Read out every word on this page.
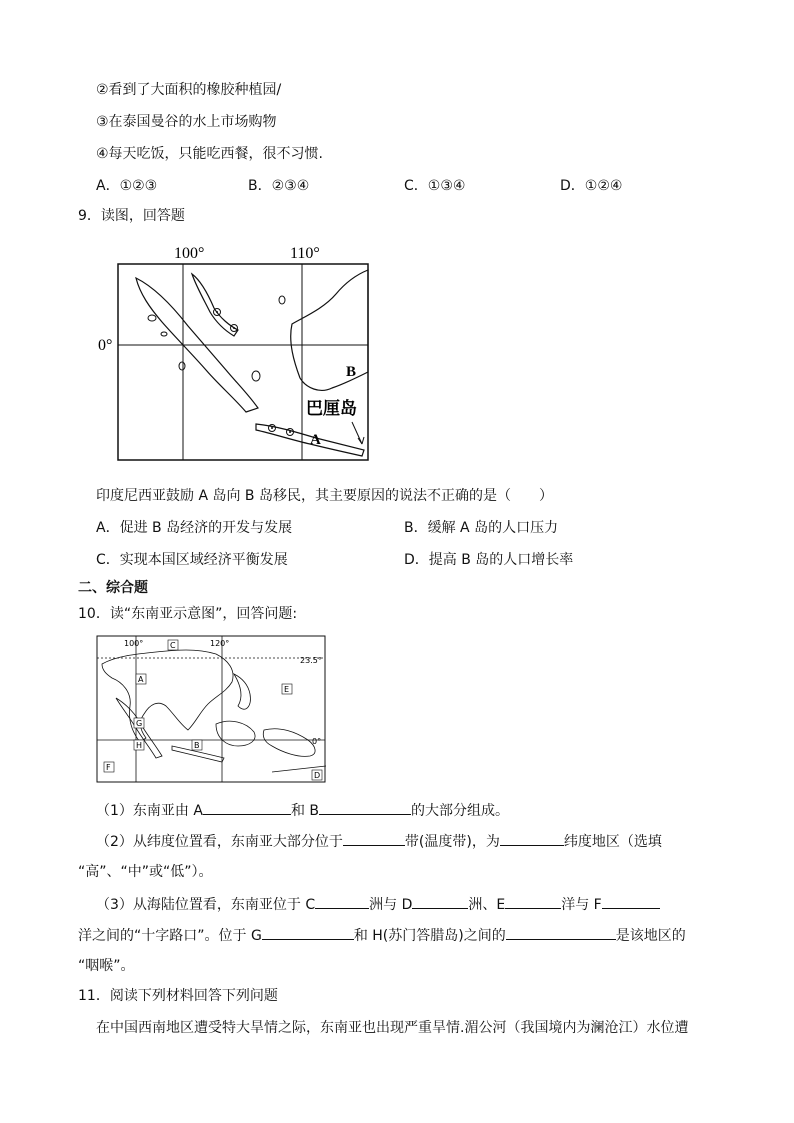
②看到了大面积的橡胶种植园/
③在泰国曼谷的水上市场购物
④每天吃饭，只能吃西餐，很不习惯.
A．①②③	B．②③④	C．①③④	D．①②④
9．读图，回答题
100°	110°
0°
B
巴厘岛
A
印度尼西亚鼓励 A 岛向 B 岛移民，其主要原因的说法不正确的是（　　）
A．促进 B 岛经济的开发与发展	B．缓解 A 岛的人口压力
C．实现本国区域经济平衡发展	D．提高 B 岛的人口增长率
二、综合题
10．读“东南亚示意图”，回答问题:
100°	120°
23.5°
0°
C
A
E
G
H	B
F
D
（1）东南亚由 A	和 B	的大部分组成。
（2）从纬度位置看，东南亚大部分位于	带(温度带)，为	纬度地区（选填
“高”、“中”或“低”）。
（3）从海陆位置看，东南亚位于 C	洲与 D	洲、E	洋与 F
洋之间的“十字路口”。位于 G	和 H(苏门答腊岛)之间的	是该地区的
“咽喉”。
11．阅读下列材料回答下列问题
在中国西南地区遭受特大旱情之际，东南亚也出现严重旱情.湄公河（我国境内为澜沧江）水位遭
